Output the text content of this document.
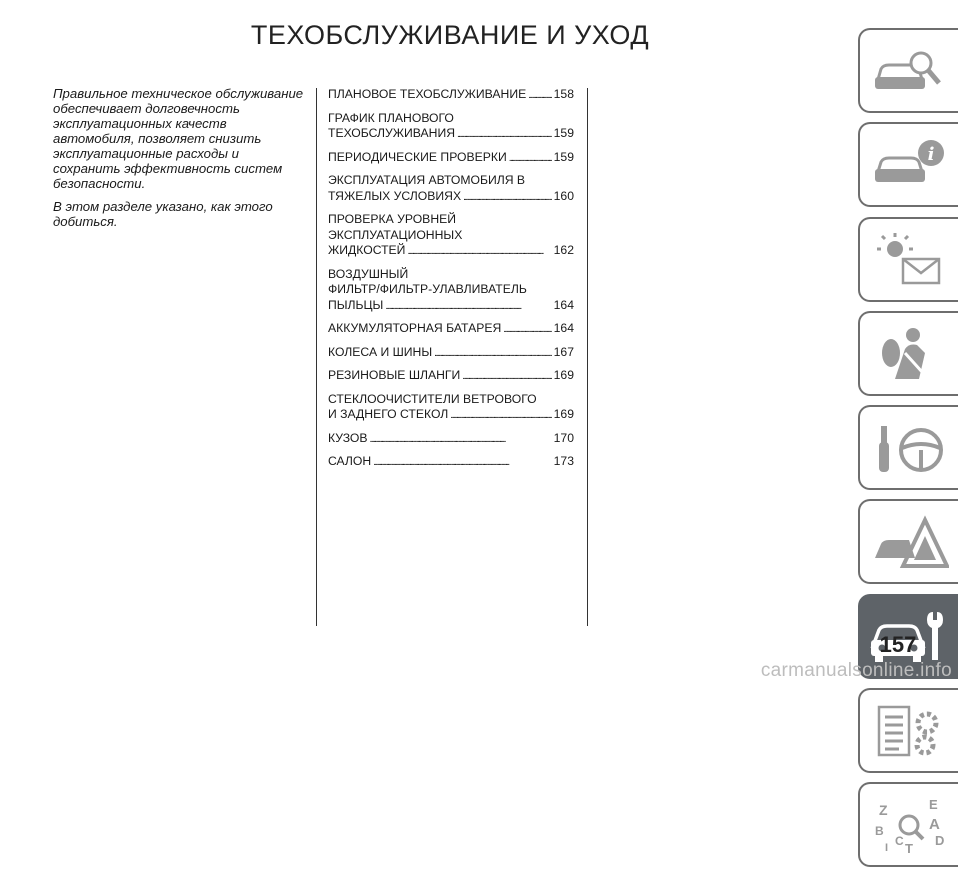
ТЕХОБСЛУЖИВАНИЕ И УХОД

Правильное техническое обслуживание обеспечивает долговечность эксплуатационных качеств автомобиля, позволяет снизить эксплуатационные расходы и сохранить эффективность систем безопасности.

В этом разделе указано, как этого добиться.

ПЛАНОВОЕ ТЕХОБСЛУЖИВАНИЕ . . . 158
ГРАФИК ПЛАНОВОГО
ТЕХОБСЛУЖИВАНИЯ . . .	159
ПЕРИОДИЧЕСКИЕ ПРОВЕРКИ . . .	159
ЭКСПЛУАТАЦИЯ АВТОМОБИЛЯ В
ТЯЖЕЛЫХ УСЛОВИЯХ . . .	160
ПРОВЕРКА УРОВНЕЙ
ЭКСПЛУАТАЦИОННЫХ
ЖИДКОСТЕЙ . . .	162
ВОЗДУШНЫЙ
ФИЛЬТР/ФИЛЬТР-УЛАВЛИВАТЕЛЬ
ПЫЛЬЦЫ . . .	164
АККУМУЛЯТОРНАЯ БАТАРЕЯ . . .	164
КОЛЕСА И ШИНЫ . . .	167
РЕЗИНОВЫЕ ШЛАНГИ . . .	169
СТЕКЛООЧИСТИТЕЛИ ВЕТРОВОГО
И ЗАДНЕГО СТЕКОЛ . . .	169
КУЗОВ . . .	170
САЛОН . . .	173
i
Z	E
B	A
C D
T
I
157
carmanualsonline.info
